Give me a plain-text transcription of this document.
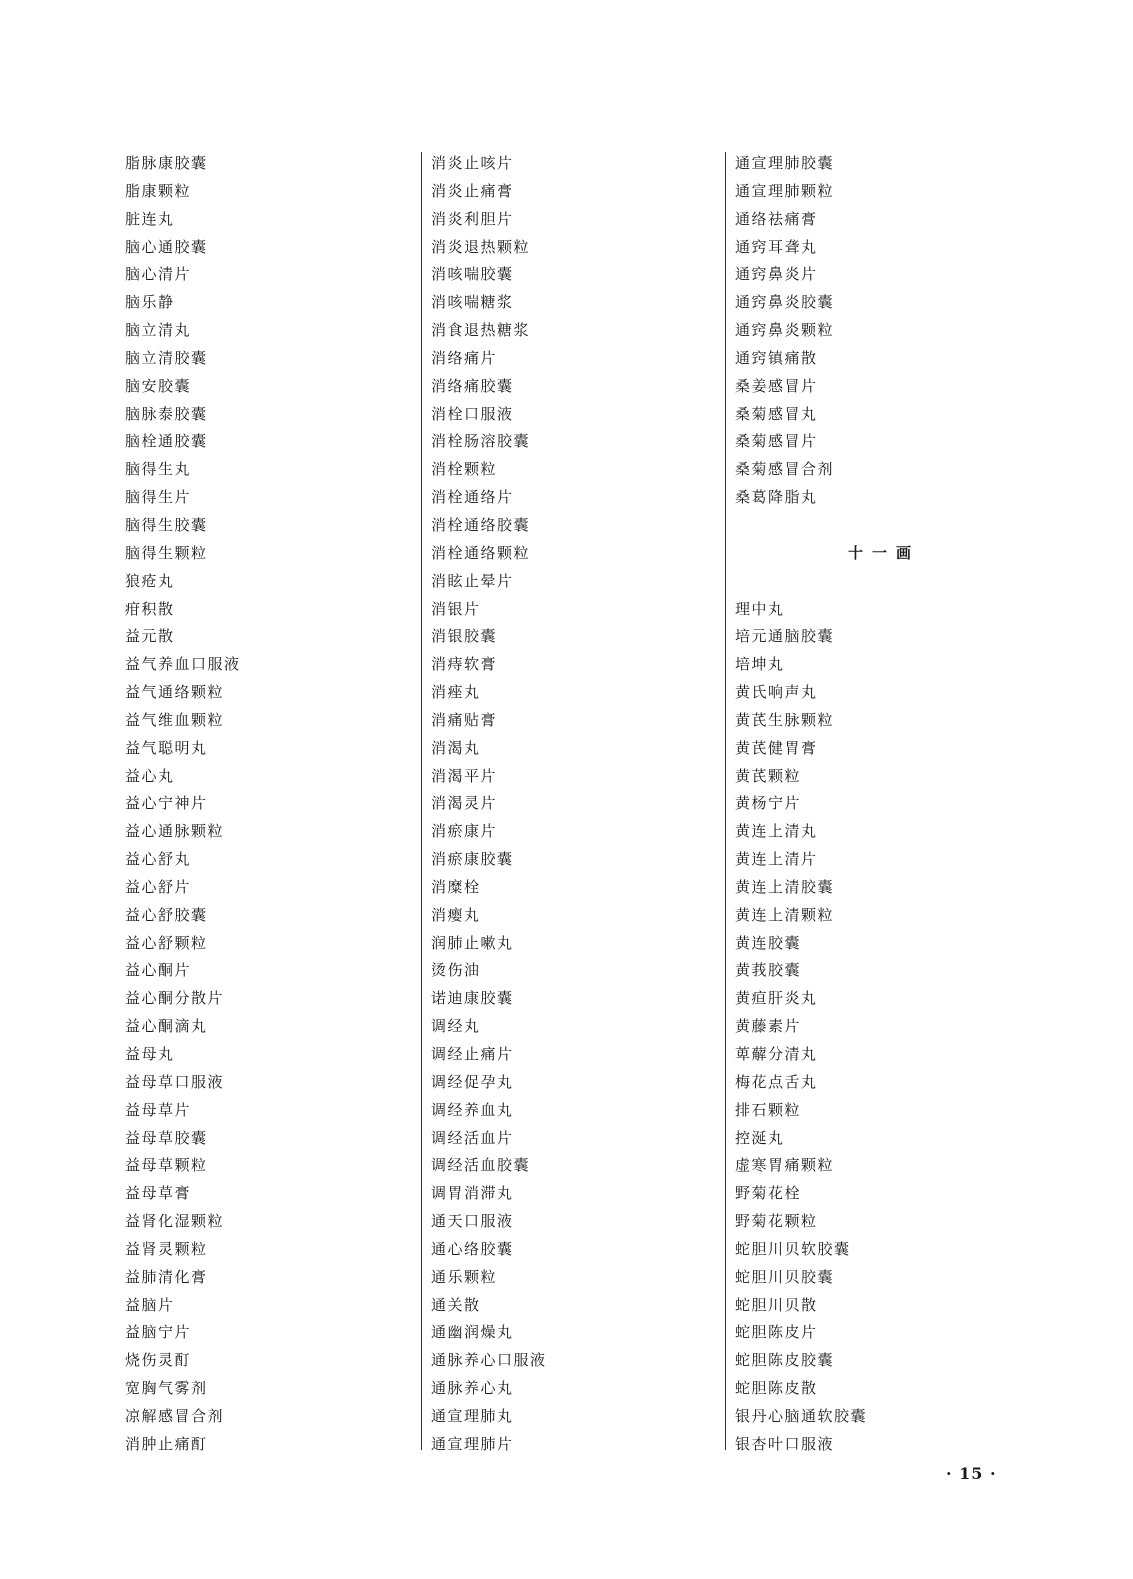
脂脉康胶囊
脂康颗粒
脏连丸
脑心通胶囊
脑心清片
脑乐静
脑立清丸
脑立清胶囊
脑安胶囊
脑脉泰胶囊
脑栓通胶囊
脑得生丸
脑得生片
脑得生胶囊
脑得生颗粒
狼疮丸
疳积散
益元散
益气养血口服液
益气通络颗粒
益气维血颗粒
益气聪明丸
益心丸
益心宁神片
益心通脉颗粒
益心舒丸
益心舒片
益心舒胶囊
益心舒颗粒
益心酮片
益心酮分散片
益心酮滴丸
益母丸
益母草口服液
益母草片
益母草胶囊
益母草颗粒
益母草膏
益肾化湿颗粒
益肾灵颗粒
益肺清化膏
益脑片
益脑宁片
烧伤灵酊
宽胸气雾剂
凉解感冒合剂
消肿止痛酊
消炎止咳片
消炎止痛膏
消炎利胆片
消炎退热颗粒
消咳喘胶囊
消咳喘糖浆
消食退热糖浆
消络痛片
消络痛胶囊
消栓口服液
消栓肠溶胶囊
消栓颗粒
消栓通络片
消栓通络胶囊
消栓通络颗粒
消眩止晕片
消银片
消银胶囊
消痔软膏
消痤丸
消痛贴膏
消渴丸
消渴平片
消渴灵片
消瘀康片
消瘀康胶囊
消糜栓
消瘿丸
润肺止嗽丸
烫伤油
诺迪康胶囊
调经丸
调经止痛片
调经促孕丸
调经养血丸
调经活血片
调经活血胶囊
调胃消滞丸
通天口服液
通心络胶囊
通乐颗粒
通关散
通幽润燥丸
通脉养心口服液
通脉养心丸
通宣理肺丸
通宣理肺片
通宣理肺胶囊
通宣理肺颗粒
通络祛痛膏
通窍耳聋丸
通窍鼻炎片
通窍鼻炎胶囊
通窍鼻炎颗粒
通窍镇痛散
桑姜感冒片
桑菊感冒丸
桑菊感冒片
桑菊感冒合剂
桑葛降脂丸
十一画
理中丸
培元通脑胶囊
培坤丸
黄氏响声丸
黄芪生脉颗粒
黄芪健胃膏
黄芪颗粒
黄杨宁片
黄连上清丸
黄连上清片
黄连上清胶囊
黄连上清颗粒
黄连胶囊
黄莪胶囊
黄疸肝炎丸
黄藤素片
萆薢分清丸
梅花点舌丸
排石颗粒
控涎丸
虚寒胃痛颗粒
野菊花栓
野菊花颗粒
蛇胆川贝软胶囊
蛇胆川贝胶囊
蛇胆川贝散
蛇胆陈皮片
蛇胆陈皮胶囊
蛇胆陈皮散
银丹心脑通软胶囊
银杏叶口服液
· 15 ·
